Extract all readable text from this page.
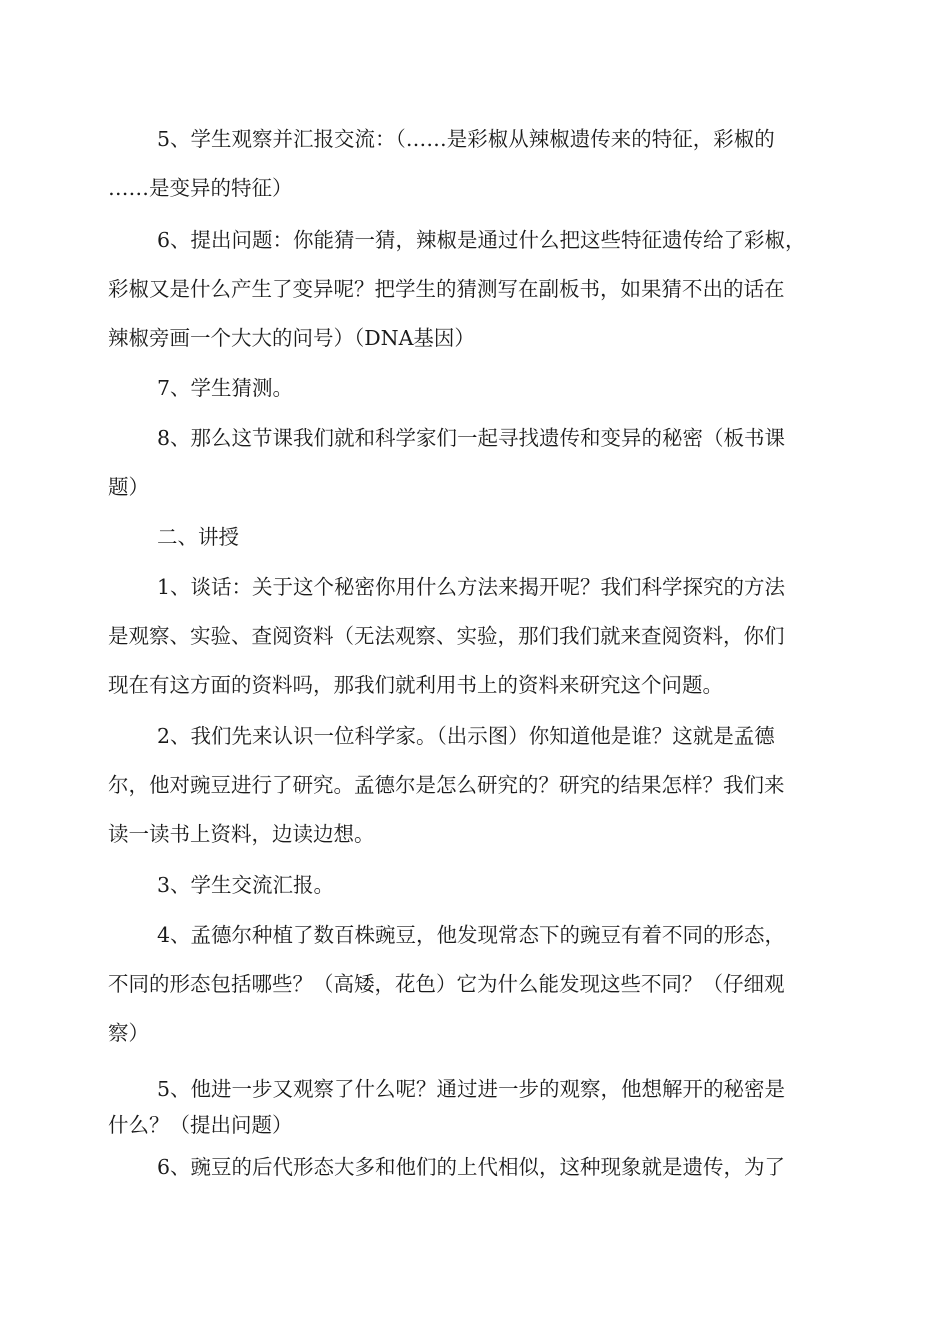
5、学生观察并汇报交流：（……是彩椒从辣椒遗传来的特征，彩椒的

……是变异的特征）

6、提出问题：你能猜一猜，辣椒是通过什么把这些特征遗传给了彩椒，

彩椒又是什么产生了变异呢？把学生的猜测写在副板书，如果猜不出的话在

辣椒旁画一个大大的问号）（DNA基因）

7、学生猜测。

8、那么这节课我们就和科学家们一起寻找遗传和变异的秘密（板书课

题）

二、讲授

1、谈话：关于这个秘密你用什么方法来揭开呢？我们科学探究的方法

是观察、实验、查阅资料（无法观察、实验，那们我们就来查阅资料，你们

现在有这方面的资料吗，那我们就利用书上的资料来研究这个问题。

2、我们先来认识一位科学家。（出示图）你知道他是谁？这就是孟德

尔，他对豌豆进行了研究。孟德尔是怎么研究的？研究的结果怎样？我们来

读一读书上资料，边读边想。

3、学生交流汇报。

4、孟德尔种植了数百株豌豆，他发现常态下的豌豆有着不同的形态，

不同的形态包括哪些？（高矮，花色）它为什么能发现这些不同？（仔细观

察）

5、他进一步又观察了什么呢？通过进一步的观察，他想解开的秘密是

什么？（提出问题）

6、豌豆的后代形态大多和他们的上代相似，这种现象就是遗传，为了
